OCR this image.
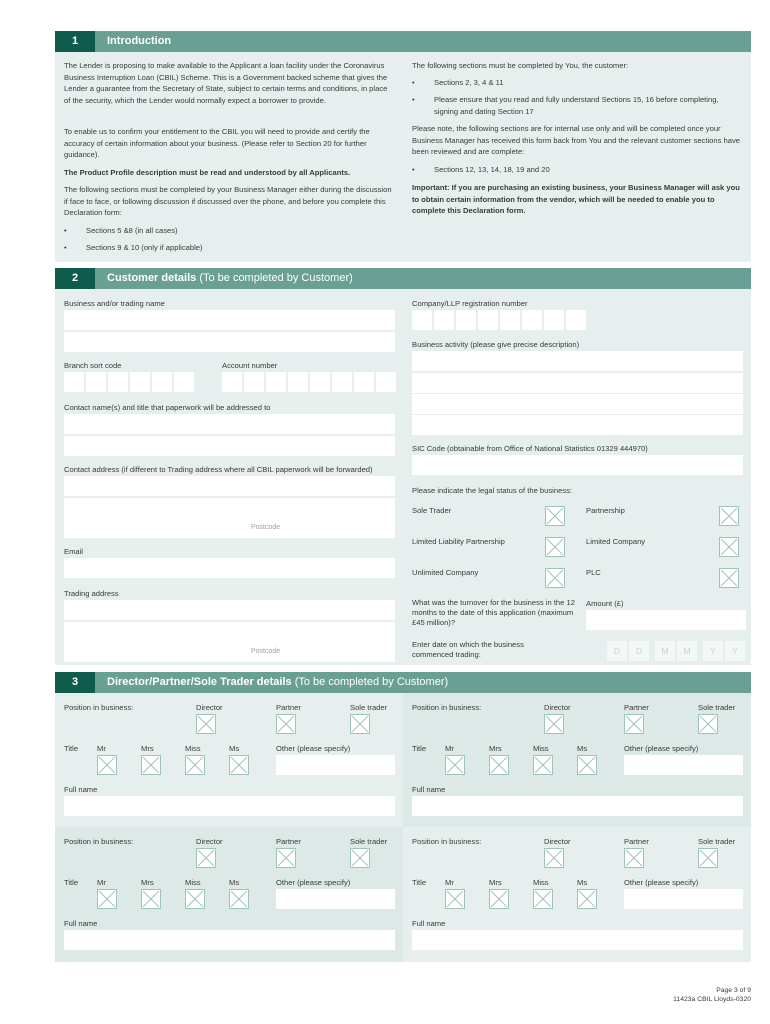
1	Introduction
The Lender is proposing to make available to the Applicant a loan facility under the Coronavirus Business Interruption Loan (CBIL) Scheme. This is a Government backed scheme that gives the Lender a guarantee from the Secretary of State, subject to certain terms and conditions, in place of the security, which the Lender would normally expect a borrower to provide.
To enable us to confirm your entitlement to the CBIL you will need to provide and certify the accuracy of certain information about your business. (Please refer to Section 20 for further guidance).
The Product Profile description must be read and understood by all Applicants.
The following sections must be completed by your Business Manager either during the discussion if face to face, or following discussion if discussed over the phone, and before you complete this Declaration form:
•	Sections 5 &8 (in all cases)
•	Sections 9 & 10 (only if applicable)
The following sections must be completed by You, the customer:
•	Sections 2, 3, 4 & 11
•	Please ensure that you read and fully understand Sections 15, 16 before completing, signing and dating Section 17
Please note, the following sections are for internal use only and will be completed once your Business Manager has received this form back from You and the relevant customer sections have been reviewed and are complete:
•	Sections 12, 13, 14, 18, 19 and 20
Important: If you are purchasing an existing business, your Business Manager will ask you to obtain certain information from the vendor, which will be needed to enable you to complete this Declaration form.
2	Customer details (To be completed by Customer)
Business and/or trading name
Branch sort code	Account number
Contact name(s) and title that paperwork will be addressed to
Contact address (if different to Trading address where all CBIL paperwork will be forwarded)
Postcode
Email
Trading address
Postcode
Company/LLP registration number
Business activity (please give precise description)
SIC Code (obtainable from Office of National Statistics 01329 444970)
Please indicate the legal status of the business:
Sole Trader	Partnership
Limited Liability Partnership	Limited Company
Unlimited Company	PLC
What was the turnover for the business in the 12 months to the date of this application (maximum £45 million)?
Amount (£)
Enter date on which the business commenced trading:	D	D	M	M	Y	Y
3	Director/Partner/Sole Trader details (To be completed by Customer)
Position in business:	Director	Partner	Sole trader
Title Mr	Mrs	Miss	Ms	Other (please specify)
Full name
Position in business:	Director	Partner	Sole trader
Title Mr	Mrs	Miss	Ms	Other (please specify)
Full name
Position in business:	Director	Partner	Sole trader
Title Mr	Mrs	Miss	Ms	Other (please specify)
Full name
Position in business:	Director	Partner	Sole trader
Title Mr	Mrs	Miss	Ms	Other (please specify)
Full name
Page 3 of 9
11423a CBIL Lloyds-0320
